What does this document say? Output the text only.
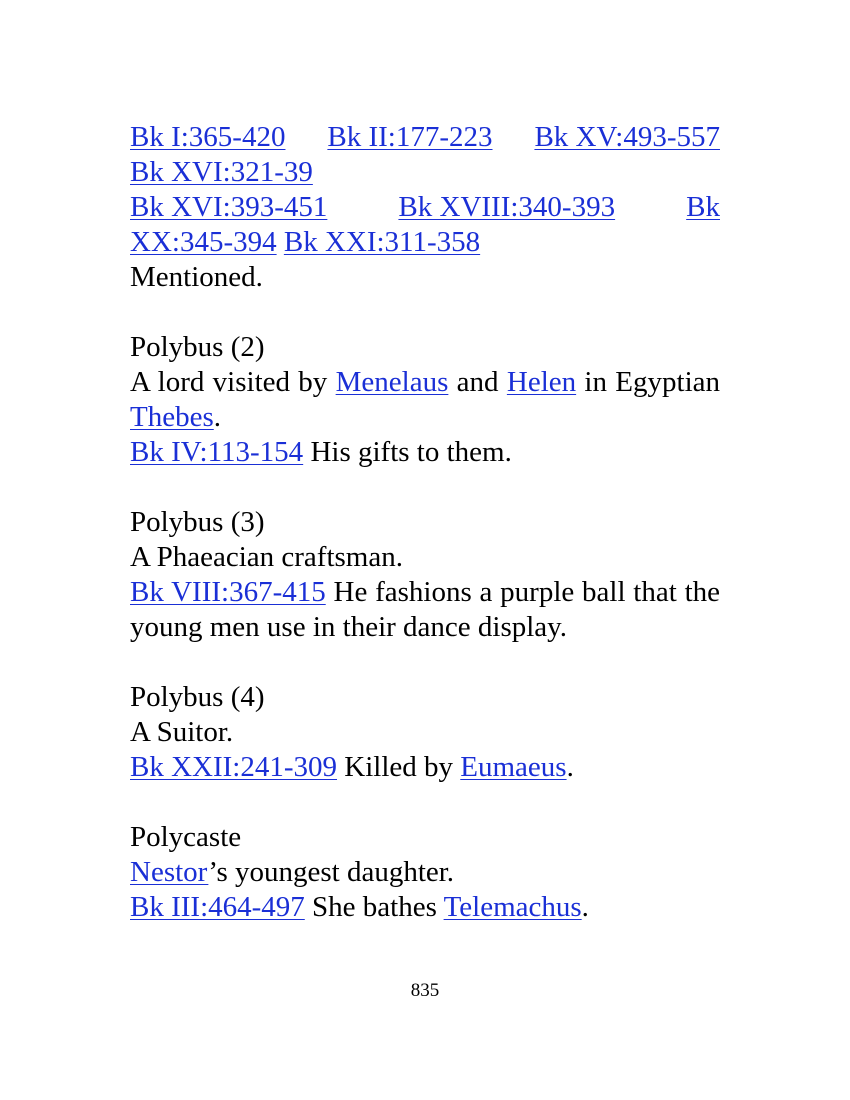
Bk I:365-420 Bk II:177-223 Bk XV:493-557
Bk XVI:321-39
Bk XVI:393-451 Bk XVIII:340-393 Bk
XX:345-394 Bk XXI:311-358
Mentioned.
Polybus (2)
A lord visited by Menelaus and Helen in Egyptian Thebes.
Bk IV:113-154 His gifts to them.
Polybus (3)
A Phaeacian craftsman.
Bk VIII:367-415 He fashions a purple ball that the young men use in their dance display.
Polybus (4)
A Suitor.
Bk XXII:241-309 Killed by Eumaeus.
Polycaste
Nestor’s youngest daughter.
Bk III:464-497 She bathes Telemachus.
835
